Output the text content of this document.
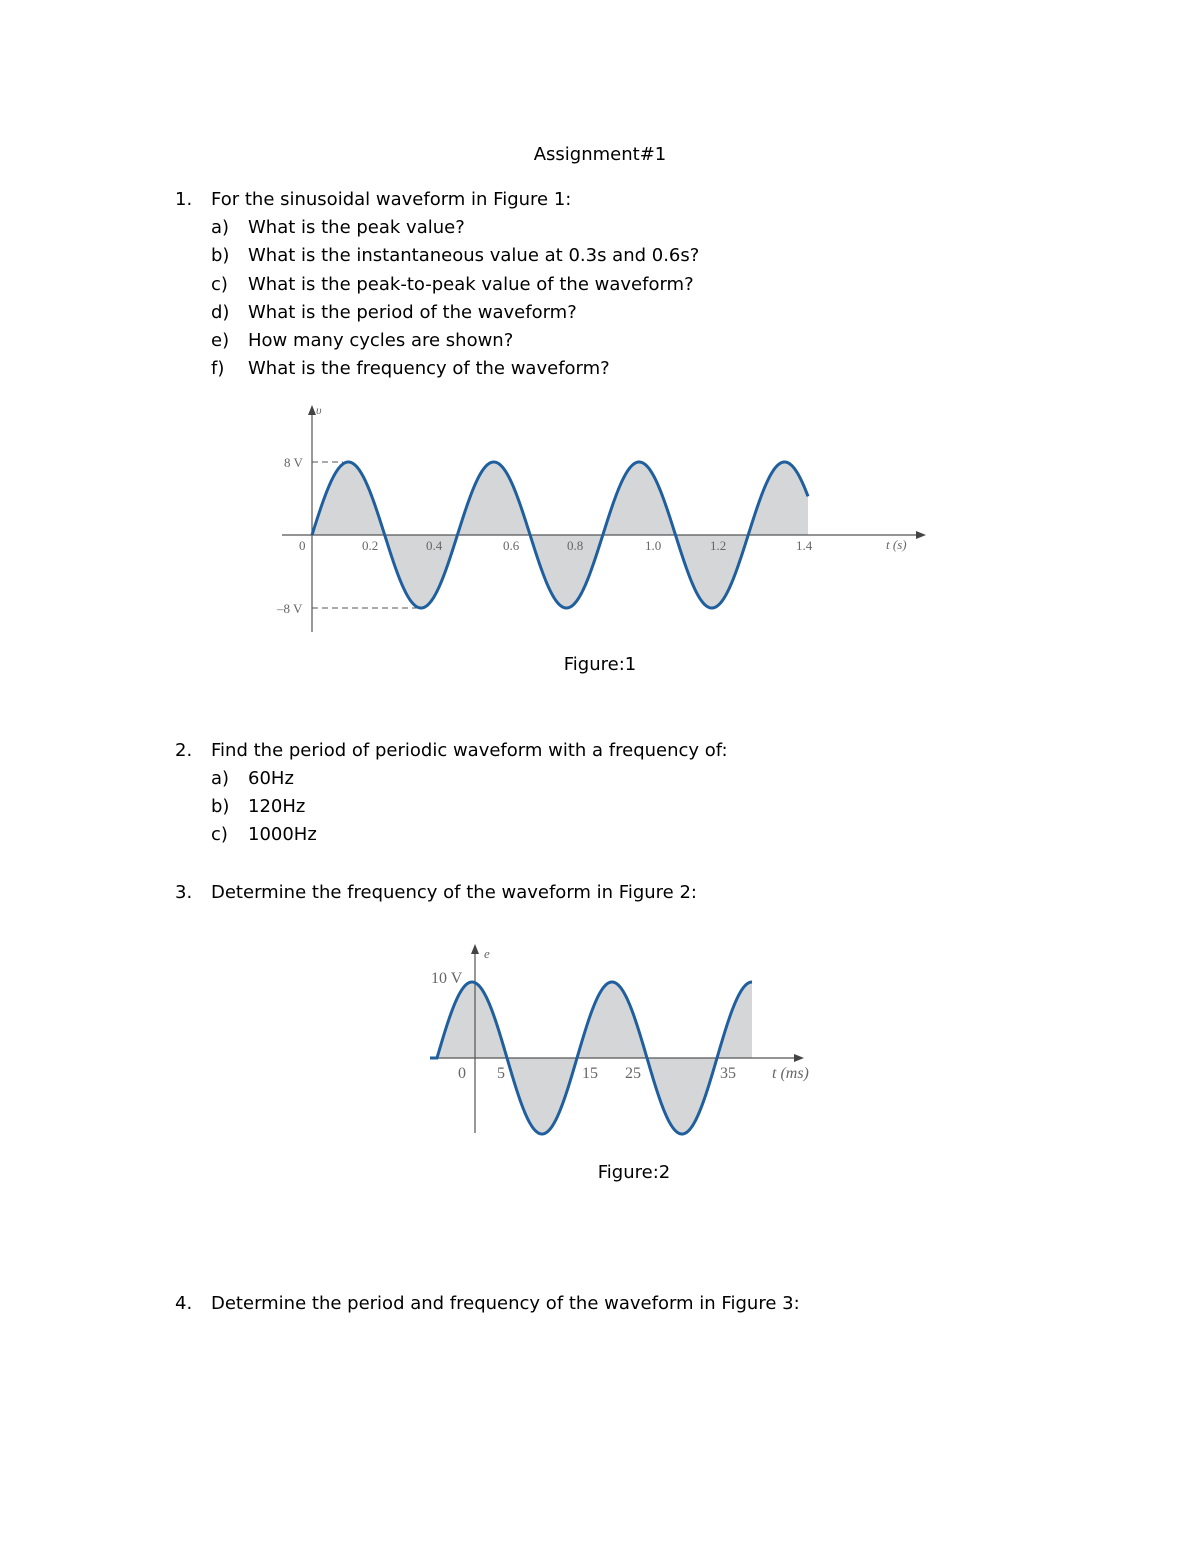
Assignment#1
1. For the sinusoidal waveform in Figure 1:
a) What is the peak value?
b) What is the instantaneous value at 0.3s and 0.6s?
c) What is the peak-to-peak value of the waveform?
d) What is the period of the waveform?
e) How many cycles are shown?
f) What is the frequency of the waveform?
υ
8 V
–8 V
t (s)
0	0.2	0.4	0.6	0.8	1.0	1.2	1.4
Figure:1
2. Find the period of periodic waveform with a frequency of:
a) 60Hz
b) 120Hz
c) 1000Hz
3. Determine the frequency of the waveform in Figure 2:
e
10 V
t (ms)
0 5	15 25	35
Figure:2
4. Determine the period and frequency of the waveform in Figure 3:
